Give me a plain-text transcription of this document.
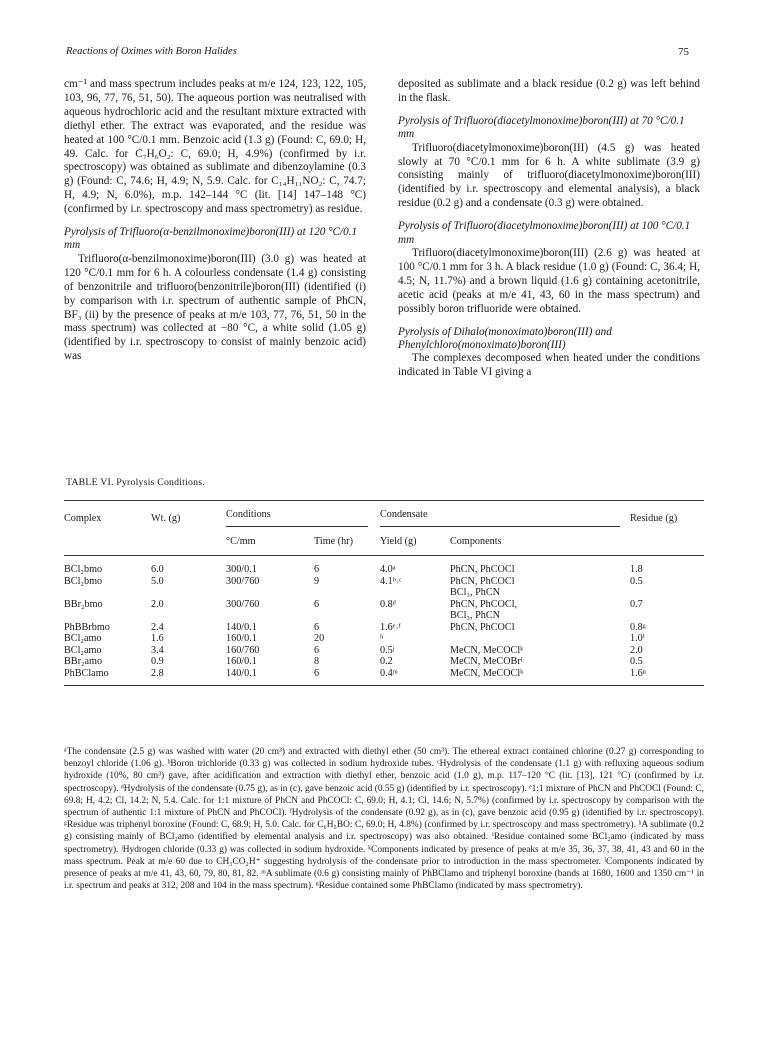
Reactions of Oximes with Boron Halides	75

cm⁻¹ and mass spectrum includes peaks at m/e 124, 123, 122, 105, 103, 96, 77, 76, 51, 50). The aqueous portion was neutralised with aqueous hydrochloric acid and the resultant mixture extracted with diethyl ether. The extract was evaporated, and the residue was heated at 100 °C/0.1 mm. Benzoic acid (1.3 g) (Found: C, 69.0; H, 49. Calc. for C₇H₆O₂: C, 69.0; H, 4.9%) (confirmed by i.r. spectroscopy) was obtained as sublimate and dibenzoylamine (0.3 g) (Found: C, 74.6; H, 4.9; N, 5.9. Calc. for C₁₄H₁₁NO₂: C, 74.7; H, 4.9; N, 6.0%), m.p. 142–144 °C (lit. [14] 147–148 °C) (confirmed by i.r. spectroscopy and mass spectrometry) as residue.

Pyrolysis of Trifluoro(α-benzilmonoxime)boron(III) at 120 °C/0.1 mm

Trifluoro(α-benzilmonoxime)boron(III) (3.0 g) was heated at 120 °C/0.1 mm for 6 h. A colourless condensate (1.4 g) consisting of benzonitrile and trifluoro(benzonitrile)boron(III) (identified (i) by comparison with i.r. spectrum of authentic sample of PhCN, BF₃ (ii) by the presence of peaks at m/e 103, 77, 76, 51, 50 in the mass spectrum) was collected at −80 °C, a white solid (1.05 g) (identified by i.r. spectroscopy to consist of mainly benzoic acid) was

deposited as sublimate and a black residue (0.2 g) was left behind in the flask.

Pyrolysis of Trifluoro(diacetylmonoxime)boron(III) at 70 °C/0.1 mm

Trifluoro(diacetylmonoxime)boron(III) (4.5 g) was heated slowly at 70 °C/0.1 mm for 6 h. A white sublimate (3.9 g) consisting mainly of trifluoro(diacetylmonoxime)boron(III) (identified by i.r. spectroscopy and elemental analysis), a black residue (0.2 g) and a condensate (0.3 g) were obtained.

Pyrolysis of Trifluoro(diacetylmonoxime)boron(III) at 100 °C/0.1 mm

Trifluoro(diacetylmonoxime)boron(III) (2.6 g) was heated at 100 °C/0.1 mm for 3 h. A black residue (1.0 g) (Found: C, 36.4; H, 4.5; N, 11.7%) and a brown liquid (1.6 g) containing acetonitrile, acetic acid (peaks at m/e 41, 43, 60 in the mass spectrum) and possibly boron trifluoride were obtained.

Pyrolysis of Dihalo(monoximato)boron(III) and Phenylchloro(monoximato)boron(III)

The complexes decomposed when heated under the conditions indicated in Table VI giving a

TABLE VI. Pyrolysis Conditions.
Complex	Wt. (g)	Conditions		Condensate		Residue (g)
		°C/mm	Time (hr)	Yield (g)	Components	
BCl₂bmo	6.0	300/0.1	6	4.0ᵃ	PhCN, PhCOCl	1.8
BCl₂bmo	5.0	300/760	9	4.1ᵇ˒ᶜ	PhCN, PhCOCl	0.5
					BCl₃, PhCN	
BBr₂bmo	2.0	300/760	6	0.8ᵈ	PhCN, PhCOCl,	0.7
					BCl₃, PhCN	
PhBBrbmo	2.4	140/0.1	6	1.6ᵉ˒ᶠ	PhCN, PhCOCl	0.8ᵍ
BCl₂amo	1.6	160/0.1	20	ʰ		1.0ⁱ
BCl₂amo	3.4	160/760	6	0.5ʲ	MeCN, MeCOClᵏ	2.0
BBr₂amo	0.9	160/0.1	8	0.2	MeCN, MeCOBrˡ	0.5
PhBClamo	2.8	140/0.1	6	0.4ᵐ	MeCN, MeCOClᵏ	1.6ⁿ

ᵃThe condensate (2.5 g) was washed with water (20 cm³) and extracted with diethyl ether (50 cm³). The ethereal extract contained chlorine (0.27 g) corresponding to benzoyl chloride (1.06 g). ᵇBoron trichloride (0.33 g) was collected in sodium hydroxide tubes. ᶜHydrolysis of the condensate (1.1 g) with refluxing aqueous sodium hydroxide (10%, 80 cm³) gave, after acidification and extraction with diethyl ether, benzoic acid (1.0 g), m.p. 117–120 °C (lit. [13], 121 °C) (confirmed by i.r. spectroscopy). ᵈHydrolysis of the condensate (0.75 g), as in (c), gave benzoic acid (0.55 g) (identified by i.r. spectroscopy). ᵉ1:1 mixture of PhCN and PhCOCl (Found: C, 69.8; H, 4.2; Cl, 14.2; N, 5.4. Calc. for 1:1 mixture of PhCN and PhCOCl: C, 69.0; H, 4.1; Cl, 14.6; N, 5.7%) (confirmed by i.r. spectroscopy by comparison with the spectrum of authentic 1:1 mixture of PhCN and PhCOCl). ᶠHydrolysis of the condensate (0.92 g), as in (c), gave benzoic acid (0.95 g) (identified by i.r. spectroscopy). ᵍResidue was triphenyl boroxine (Found: C, 68.9; H, 5.0. Calc. for C₆H₅BO: C, 69.0; H, 4.8%) (confirmed by i.r. spectroscopy and mass spectrometry). ʰA sublimate (0.2 g) consisting mainly of BCl₂amo (identified by elemental analysis and i.r. spectroscopy) was also obtained. ⁱResidue contained some BCl₂amo (indicated by mass spectrometry). ʲHydrogen chloride (0.33 g) was collected in sodium hydroxide. ᵏComponents indicated by presence of peaks at m/e 35, 36, 37, 38, 41, 43 and 60 in the mass spectrum. Peak at m/e 60 due to CH₃CO₂H⁺ suggesting hydrolysis of the condensate prior to introduction in the mass spectrometer. ˡComponents indicated by presence of peaks at m/e 41, 43, 60, 79, 80, 81, 82. ᵐA sublimate (0.6 g) consisting mainly of PhBClamo and triphenyl boroxine (bands at 1680, 1600 and 1350 cm⁻¹ in i.r. spectrum and peaks at 312, 208 and 104 in the mass spectrum). ⁿResidue contained some PhBClamo (indicated by mass spectrometry).
